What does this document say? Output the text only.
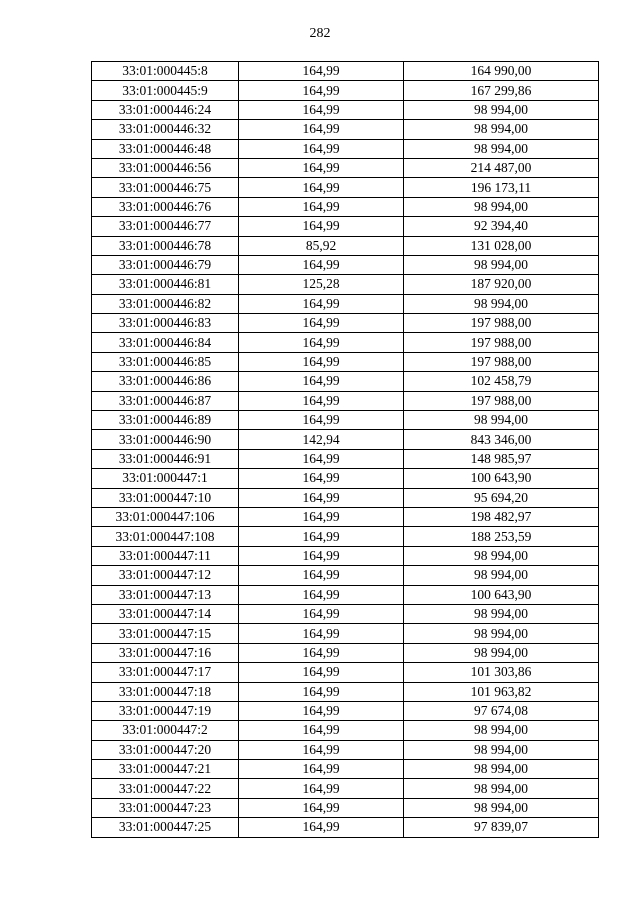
282
33:01:000445:8	164,99	164 990,00
33:01:000445:9	164,99	167 299,86
33:01:000446:24	164,99	98 994,00
33:01:000446:32	164,99	98 994,00
33:01:000446:48	164,99	98 994,00
33:01:000446:56	164,99	214 487,00
33:01:000446:75	164,99	196 173,11
33:01:000446:76	164,99	98 994,00
33:01:000446:77	164,99	92 394,40
33:01:000446:78	85,92	131 028,00
33:01:000446:79	164,99	98 994,00
33:01:000446:81	125,28	187 920,00
33:01:000446:82	164,99	98 994,00
33:01:000446:83	164,99	197 988,00
33:01:000446:84	164,99	197 988,00
33:01:000446:85	164,99	197 988,00
33:01:000446:86	164,99	102 458,79
33:01:000446:87	164,99	197 988,00
33:01:000446:89	164,99	98 994,00
33:01:000446:90	142,94	843 346,00
33:01:000446:91	164,99	148 985,97
33:01:000447:1	164,99	100 643,90
33:01:000447:10	164,99	95 694,20
33:01:000447:106	164,99	198 482,97
33:01:000447:108	164,99	188 253,59
33:01:000447:11	164,99	98 994,00
33:01:000447:12	164,99	98 994,00
33:01:000447:13	164,99	100 643,90
33:01:000447:14	164,99	98 994,00
33:01:000447:15	164,99	98 994,00
33:01:000447:16	164,99	98 994,00
33:01:000447:17	164,99	101 303,86
33:01:000447:18	164,99	101 963,82
33:01:000447:19	164,99	97 674,08
33:01:000447:2	164,99	98 994,00
33:01:000447:20	164,99	98 994,00
33:01:000447:21	164,99	98 994,00
33:01:000447:22	164,99	98 994,00
33:01:000447:23	164,99	98 994,00
33:01:000447:25	164,99	97 839,07
